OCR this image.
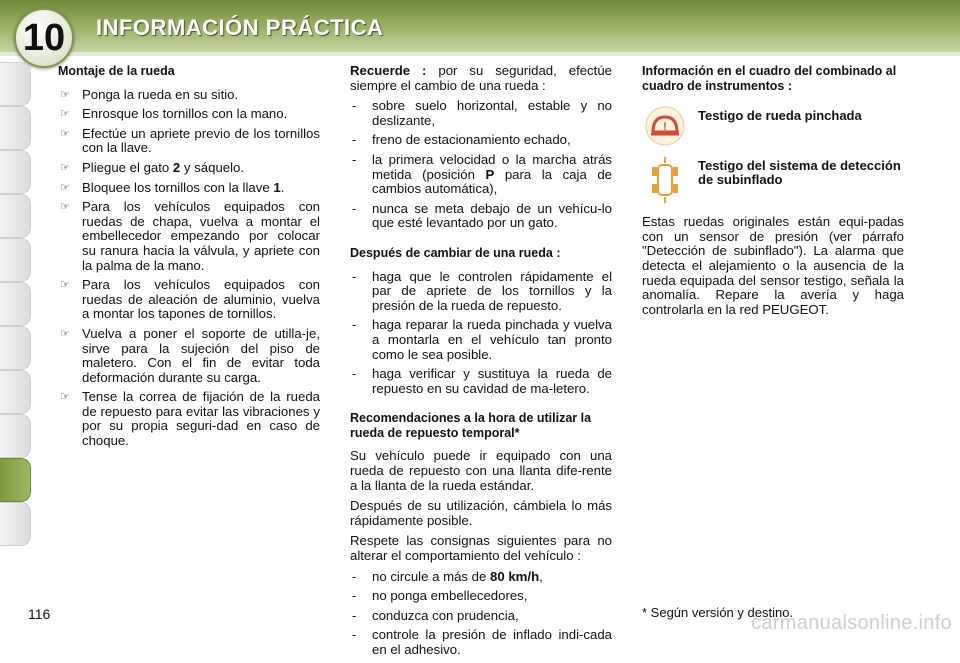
10	INFORMACIÓN PRÁCTICA
Montaje de la rueda
☞ Ponga la rueda en su sitio.
☞ Enrosque los tornillos con la mano.
☞ Efectúe un apriete previo de los tornillos con la llave.
☞ Pliegue el gato 2 y sáquelo.
☞ Bloquee los tornillos con la llave 1.
☞ Para los vehículos equipados con ruedas de chapa, vuelva a montar el embellecedor empezando por colocar su ranura hacia la válvula, y apriete con la palma de la mano.
☞ Para los vehículos equipados con ruedas de aleación de aluminio, vuelva a montar los tapones de tornillos.
☞ Vuelva a poner el soporte de utilla-je, sirve para la sujeción del piso de maletero. Con el fin de evitar toda deformación durante su carga.
☞ Tense la correa de fijación de la rueda de repuesto para evitar las vibraciones y por su propia seguri-dad en caso de choque.

Recuerde : por su seguridad, efectúe siempre el cambio de una rueda :

- sobre suelo horizontal, estable y no deslizante,
- freno de estacionamiento echado,
- la primera velocidad o la marcha atrás metida (posición P para la caja de cambios automática),
- nunca se meta debajo de un vehícu-lo que esté levantado por un gato.
Después de cambiar de una rueda :
- haga que le controlen rápidamente el par de apriete de los tornillos y la presión de la rueda de repuesto.
- haga reparar la rueda pinchada y vuelva a montarla en el vehículo tan pronto como le sea posible.
- haga verificar y sustituya la rueda de repuesto en su cavidad de ma-letero.
Recomendaciones a la hora de utilizar la rueda de repuesto temporal*

Su vehículo puede ir equipado con una rueda de repuesto con una llanta dife-rente a la llanta de la rueda estándar.

Después de su utilización, cámbiela lo más rápidamente posible.

Respete las consignas siguientes para no alterar el comportamiento del vehículo :

- no circule a más de 80 km/h,
- no ponga embellecedores,
- conduzca con prudencia,
- controle la presión de inflado indi-cada en el adhesivo.
Información en el cuadro del combinado al cuadro de instrumentos :
!
Testigo de rueda pinchada
Testigo del sistema de detección de subinflado

Estas ruedas originales están equi-padas con un sensor de presión (ver párrafo "Detección de subinflado"). La alarma que detecta el alejamiento o la ausencia de la rueda equipada del sensor testigo, señala la anomalía. Repare la avería y haga controlarla en la red PEUGEOT.

116	* Según versión y destino.
carmanualsonline.info
